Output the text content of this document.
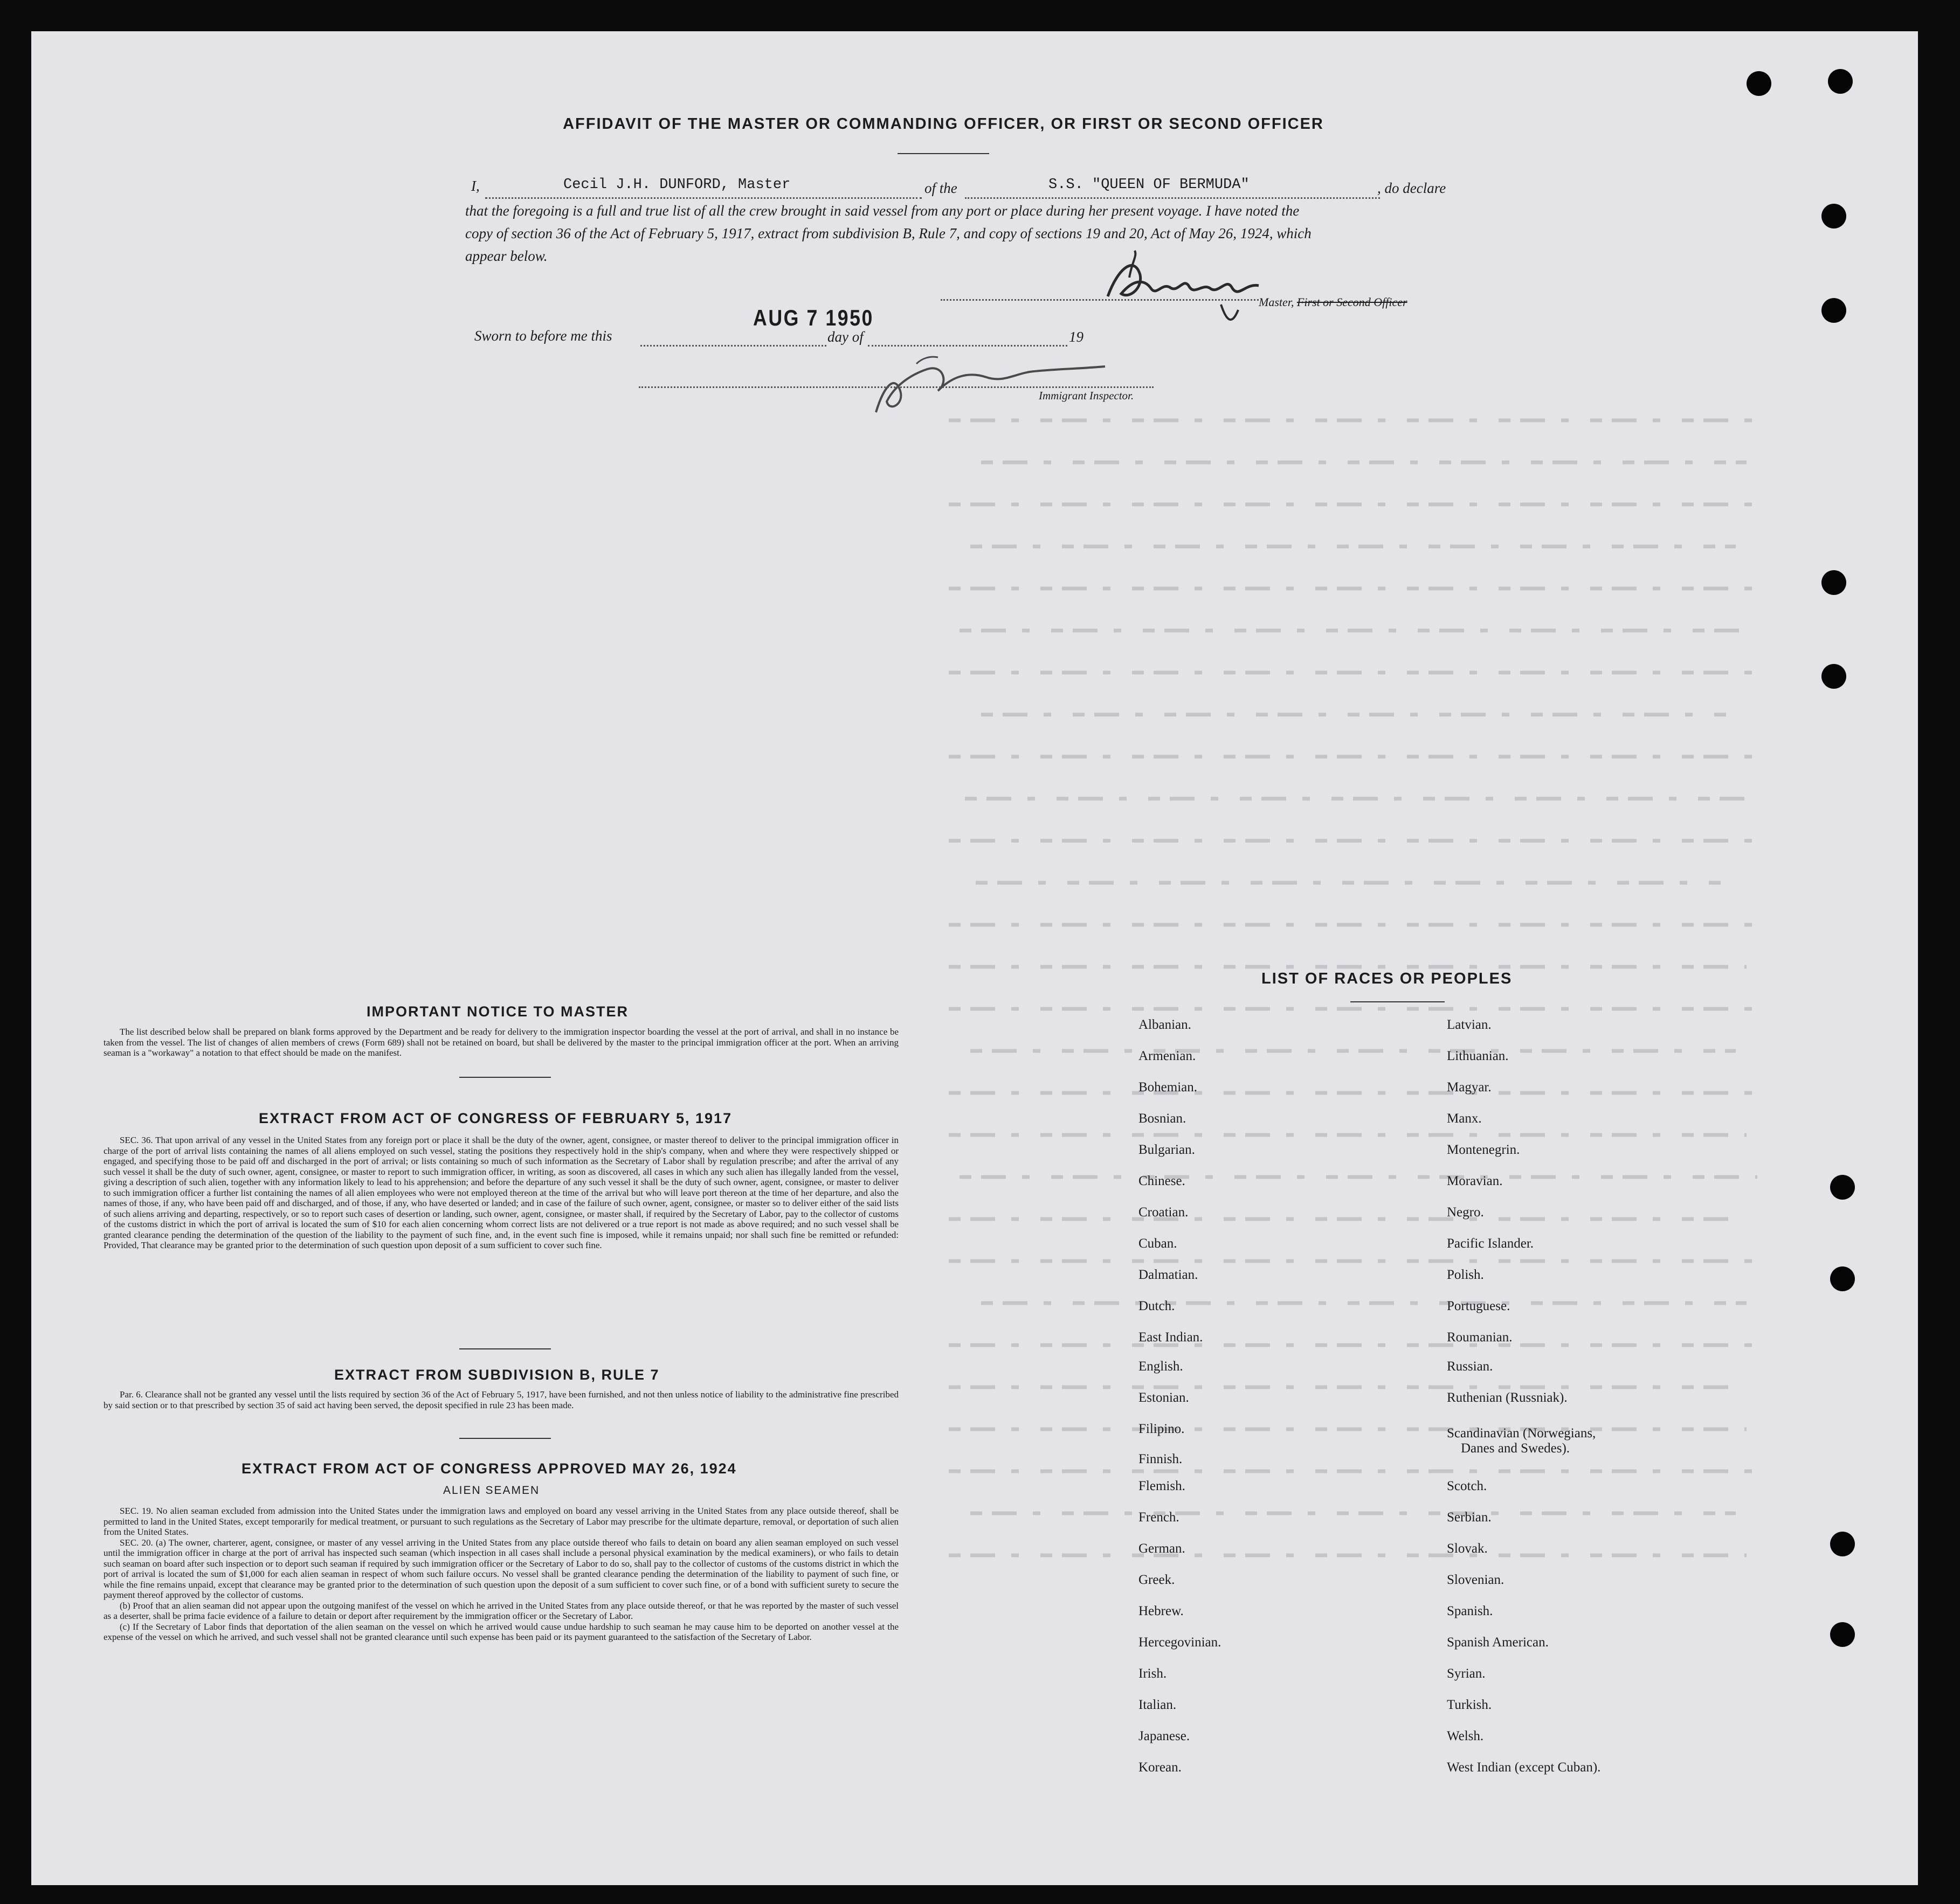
AFFIDAVIT OF THE MASTER OR COMMANDING OFFICER, OR FIRST OR SECOND OFFICER
I,	Cecil J.H. DUNFORD, Master	of the	S.S. "QUEEN OF BERMUDA"	, do declare
that the foregoing is a full and true list of all the crew brought in said vessel from any port or place during her present voyage. I have noted the
copy of section 36 of the Act of February 5, 1917, extract from subdivision B, Rule 7, and copy of sections 19 and 20, Act of May 26, 1924, which
appear below.
Master, First or Second Officer
Sworn to before me this
AUG 7 1950
day of	19
Immigrant Inspector.
IMPORTANT NOTICE TO MASTER

The list described below shall be prepared on blank forms approved by the Department and be ready for delivery to the immigration inspector boarding the vessel at the port of arrival, and shall in no instance be taken from the vessel. The list of changes of alien members of crews (Form 689) shall not be retained on board, but shall be delivered by the master to the principal immigration officer at the port. When an arriving seaman is a "workaway" a notation to that effect should be made on the manifest.

EXTRACT FROM ACT OF CONGRESS OF FEBRUARY 5, 1917

SEC. 36. That upon arrival of any vessel in the United States from any foreign port or place it shall be the duty of the owner, agent, consignee, or master thereof to deliver to the principal immigration officer in charge of the port of arrival lists containing the names of all aliens employed on such vessel, stating the positions they respectively hold in the ship's company, when and where they were respectively shipped or engaged, and specifying those to be paid off and discharged in the port of arrival; or lists containing so much of such information as the Secretary of Labor shall by regulation prescribe; and after the arrival of any such vessel it shall be the duty of such owner, agent, consignee, or master to report to such immigration officer, in writing, as soon as discovered, all cases in which any such alien has illegally landed from the vessel, giving a description of such alien, together with any information likely to lead to his apprehension; and before the departure of any such vessel it shall be the duty of such owner, agent, consignee, or master to deliver to such immigration officer a further list containing the names of all alien employees who were not employed thereon at the time of the arrival but who will leave port thereon at the time of her departure, and also the names of those, if any, who have been paid off and discharged, and of those, if any, who have deserted or landed; and in case of the failure of such owner, agent, consignee, or master so to deliver either of the said lists of such aliens arriving and departing, respectively, or so to report such cases of desertion or landing, such owner, agent, consignee, or master shall, if required by the Secretary of Labor, pay to the collector of customs of the customs district in which the port of arrival is located the sum of $10 for each alien concerning whom correct lists are not delivered or a true report is not made as above required; and no such vessel shall be granted clearance pending the determination of the question of the liability to the payment of such fine, and, in the event such fine is imposed, while it remains unpaid; nor shall such fine be remitted or refunded: Provided, That clearance may be granted prior to the determination of such question upon deposit of a sum sufficient to cover such fine.

EXTRACT FROM SUBDIVISION B, RULE 7

Par. 6. Clearance shall not be granted any vessel until the lists required by section 36 of the Act of February 5, 1917, have been furnished, and not then unless notice of liability to the administrative fine prescribed by said section or to that prescribed by section 35 of said act having been served, the deposit specified in rule 23 has been made.

EXTRACT FROM ACT OF CONGRESS APPROVED MAY 26, 1924
ALIEN SEAMEN

SEC. 19. No alien seaman excluded from admission into the United States under the immigration laws and employed on board any vessel arriving in the United States from any place outside thereof, shall be permitted to land in the United States, except temporarily for medical treatment, or pursuant to such regulations as the Secretary of Labor may prescribe for the ultimate departure, removal, or deportation of such alien from the United States.

SEC. 20. (a) The owner, charterer, agent, consignee, or master of any vessel arriving in the United States from any place outside thereof who fails to detain on board any alien seaman employed on such vessel until the immigration officer in charge at the port of arrival has inspected such seaman (which inspection in all cases shall include a personal physical examination by the medical examiners), or who fails to detain such seaman on board after such inspection or to deport such seaman if required by such immigration officer or the Secretary of Labor to do so, shall pay to the collector of customs of the customs district in which the port of arrival is located the sum of $1,000 for each alien seaman in respect of whom such failure occurs. No vessel shall be granted clearance pending the determination of the liability to payment of such fine, or while the fine remains unpaid, except that clearance may be granted prior to the determination of such question upon the deposit of a sum sufficient to cover such fine, or of a bond with sufficient surety to secure the payment thereof approved by the collector of customs.

(b) Proof that an alien seaman did not appear upon the outgoing manifest of the vessel on which he arrived in the United States from any place outside thereof, or that he was reported by the master of such vessel as a deserter, shall be prima facie evidence of a failure to detain or deport after requirement by the immigration officer or the Secretary of Labor.

(c) If the Secretary of Labor finds that deportation of the alien seaman on the vessel on which he arrived would cause undue hardship to such seaman he may cause him to be deported on another vessel at the expense of the vessel on which he arrived, and such vessel shall not be granted clearance until such expense has been paid or its payment guaranteed to the satisfaction of the Secretary of Labor.

LIST OF RACES OR PEOPLES
Albanian.
Armenian.
Bohemian.
Bosnian.
Bulgarian.
Chinese.
Croatian.
Cuban.
Dalmatian.
Dutch.
East Indian.
English.
Estonian.
Filipino.
Finnish.
Flemish.
French.
German.
Greek.
Hebrew.
Hercegovinian.
Irish.
Italian.
Japanese.
Korean.
Latvian.
Lithuanian.
Magyar.
Manx.
Montenegrin.
Moravian.
Negro.
Pacific Islander.
Polish.
Portuguese.
Roumanian.
Russian.
Ruthenian (Russniak).
Scandinavian (Norwegians,
Danes and Swedes).
Scotch.
Serbian.
Slovak.
Slovenian.
Spanish.
Spanish American.
Syrian.
Turkish.
Welsh.
West Indian (except Cuban).
